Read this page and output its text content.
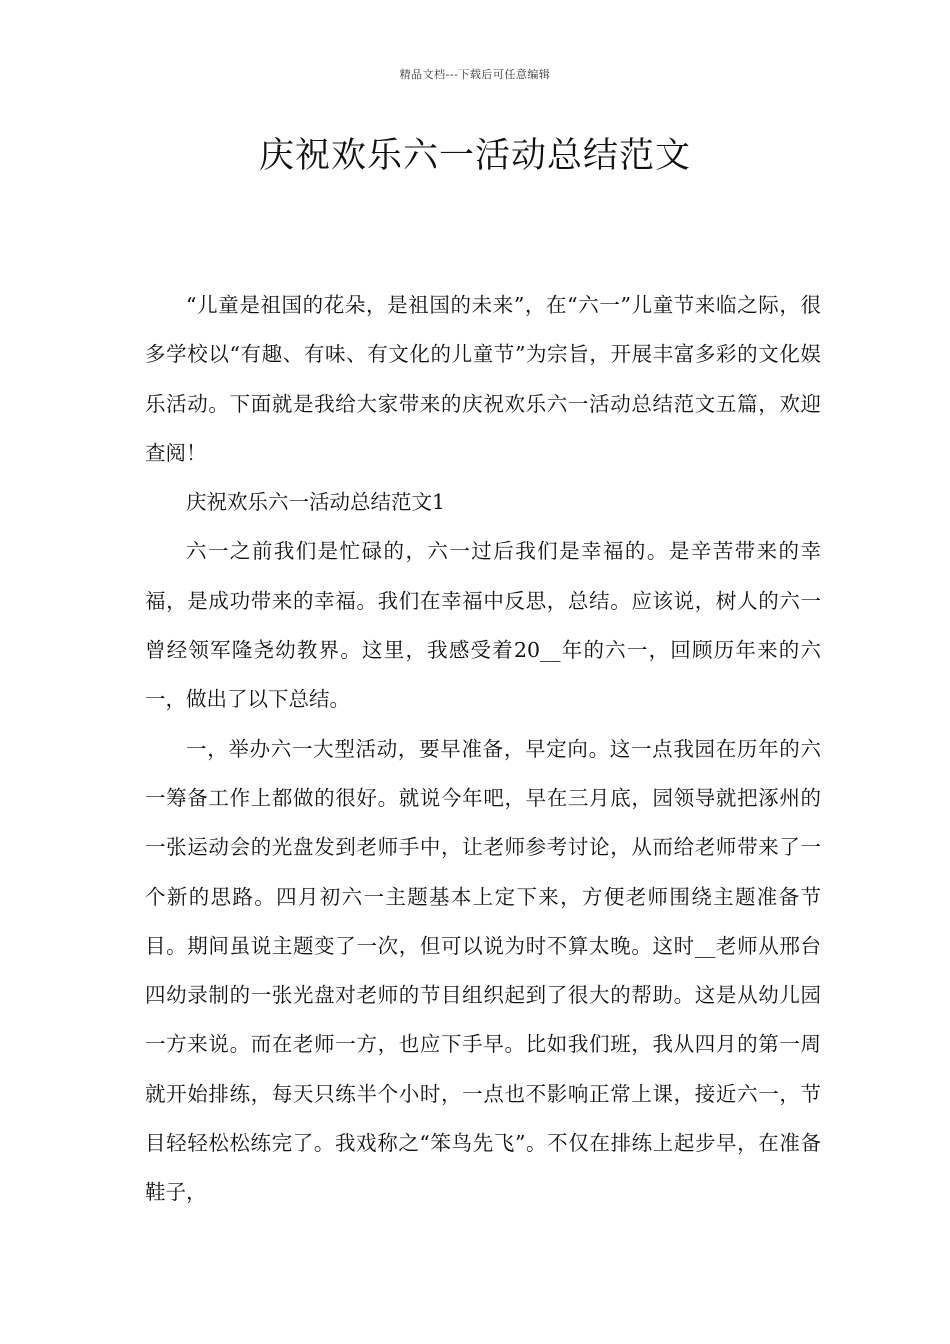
精品文档---下载后可任意编辑
庆祝欢乐六一活动总结范文

“儿童是祖国的花朵，是祖国的未来”，在“六一”儿童节来临之际，很多学校以“有趣、有味、有文化的儿童节”为宗旨，开展丰富多彩的文化娱乐活动。下面就是我给大家带来的庆祝欢乐六一活动总结范文五篇，欢迎查阅！

庆祝欢乐六一活动总结范文1

六一之前我们是忙碌的，六一过后我们是幸福的。是辛苦带来的幸福，是成功带来的幸福。我们在幸福中反思，总结。应该说，树人的六一曾经领军隆尧幼教界。这里，我感受着20__年的六一，回顾历年来的六一，做出了以下总结。

一，举办六一大型活动，要早准备，早定向。这一点我园在历年的六一筹备工作上都做的很好。就说今年吧，早在三月底，园领导就把涿州的一张运动会的光盘发到老师手中，让老师参考讨论，从而给老师带来了一个新的思路。四月初六一主题基本上定下来，方便老师围绕主题准备节目。期间虽说主题变了一次，但可以说为时不算太晚。这时__老师从邢台四幼录制的一张光盘对老师的节目组织起到了很大的帮助。这是从幼儿园一方来说。而在老师一方，也应下手早。比如我们班，我从四月的第一周就开始排练，每天只练半个小时，一点也不影响正常上课，接近六一，节目轻轻松松练完了。我戏称之“笨鸟先飞”。不仅在排练上起步早，在准备鞋子，
